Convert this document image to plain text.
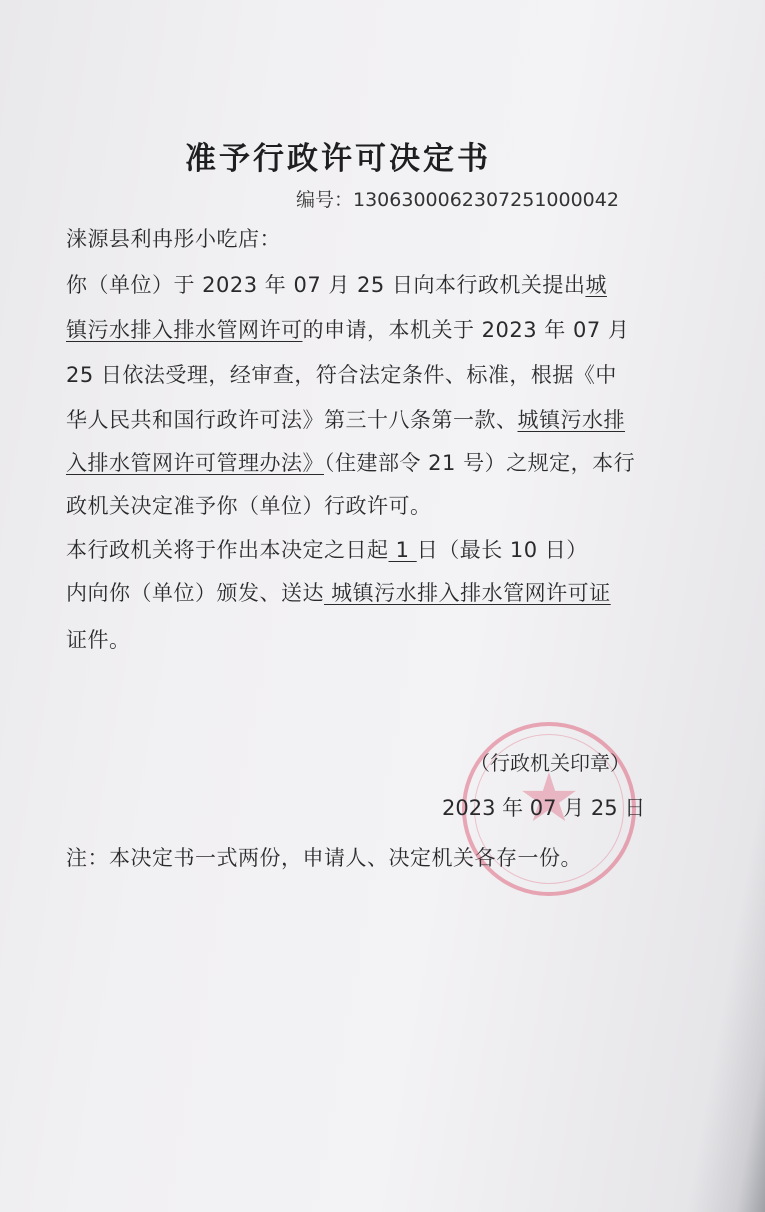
准予行政许可决定书
编号：1306300062307251000042
涞源县利冉彤小吃店：
你（单位）于 2023 年 07 月 25 日向本行政机关提出城
镇污水排入排水管网许可的申请，本机关于 2023 年 07 月
25 日依法受理，经审查，符合法定条件、标准，根据《中
华人民共和国行政许可法》第三十八条第一款、城镇污水排
入排水管网许可管理办法》（住建部令 21 号）之规定，本行
政机关决定准予你（单位）行政许可。
本行政机关将于作出本决定之日起 1 日（最长 10 日）
内向你（单位）颁发、送达 城镇污水排入排水管网许可证
证件。
（行政机关印章）
2023 年 07 月 25 日
注：本决定书一式两份，申请人、决定机关各存一份。
